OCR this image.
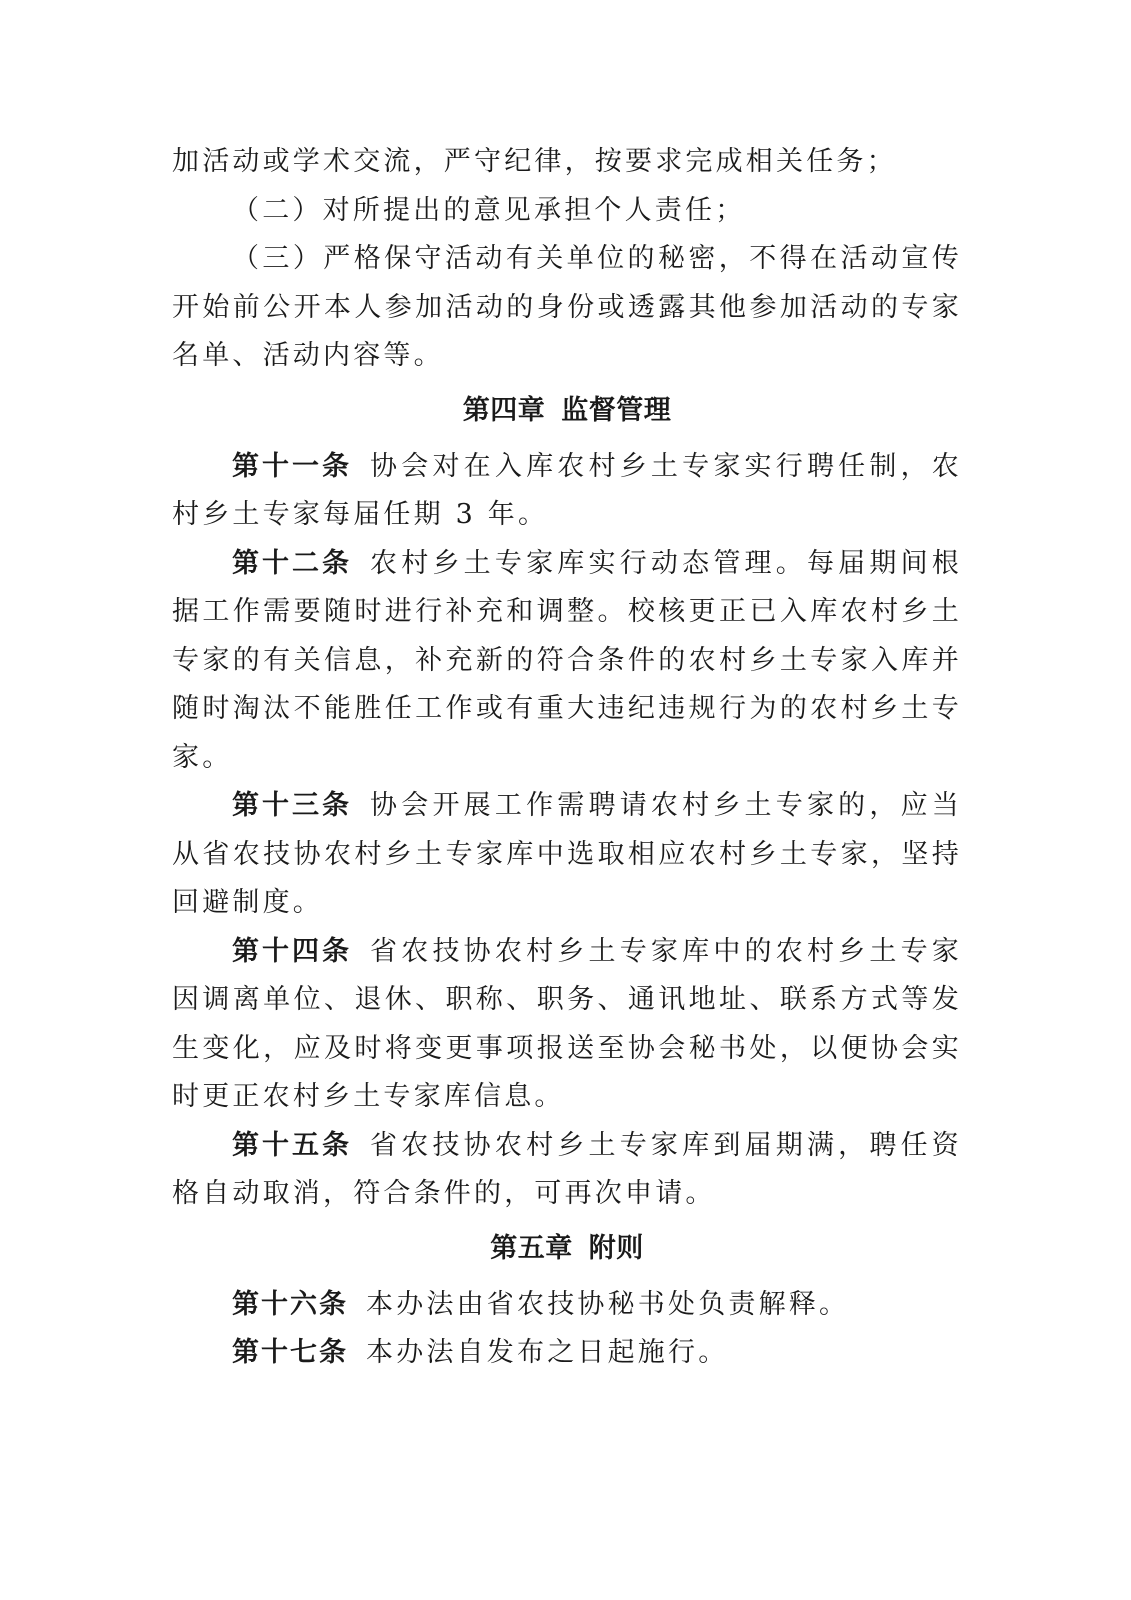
加活动或学术交流，严守纪律，按要求完成相关任务；

（二）对所提出的意见承担个人责任；

（三）严格保守活动有关单位的秘密，不得在活动宣传开始前公开本人参加活动的身份或透露其他参加活动的专家名单、活动内容等。

第四章 监督管理

第十一条 协会对在入库农村乡土专家实行聘任制，农村乡土专家每届任期 3 年。

第十二条 农村乡土专家库实行动态管理。每届期间根据工作需要随时进行补充和调整。校核更正已入库农村乡土专家的有关信息，补充新的符合条件的农村乡土专家入库并随时淘汰不能胜任工作或有重大违纪违规行为的农村乡土专家。

第十三条 协会开展工作需聘请农村乡土专家的，应当从省农技协农村乡土专家库中选取相应农村乡土专家，坚持回避制度。

第十四条 省农技协农村乡土专家库中的农村乡土专家因调离单位、退休、职称、职务、通讯地址、联系方式等发生变化，应及时将变更事项报送至协会秘书处，以便协会实时更正农村乡土专家库信息。

第十五条 省农技协农村乡土专家库到届期满，聘任资格自动取消，符合条件的，可再次申请。

第五章 附则

第十六条 本办法由省农技协秘书处负责解释。

第十七条 本办法自发布之日起施行。
